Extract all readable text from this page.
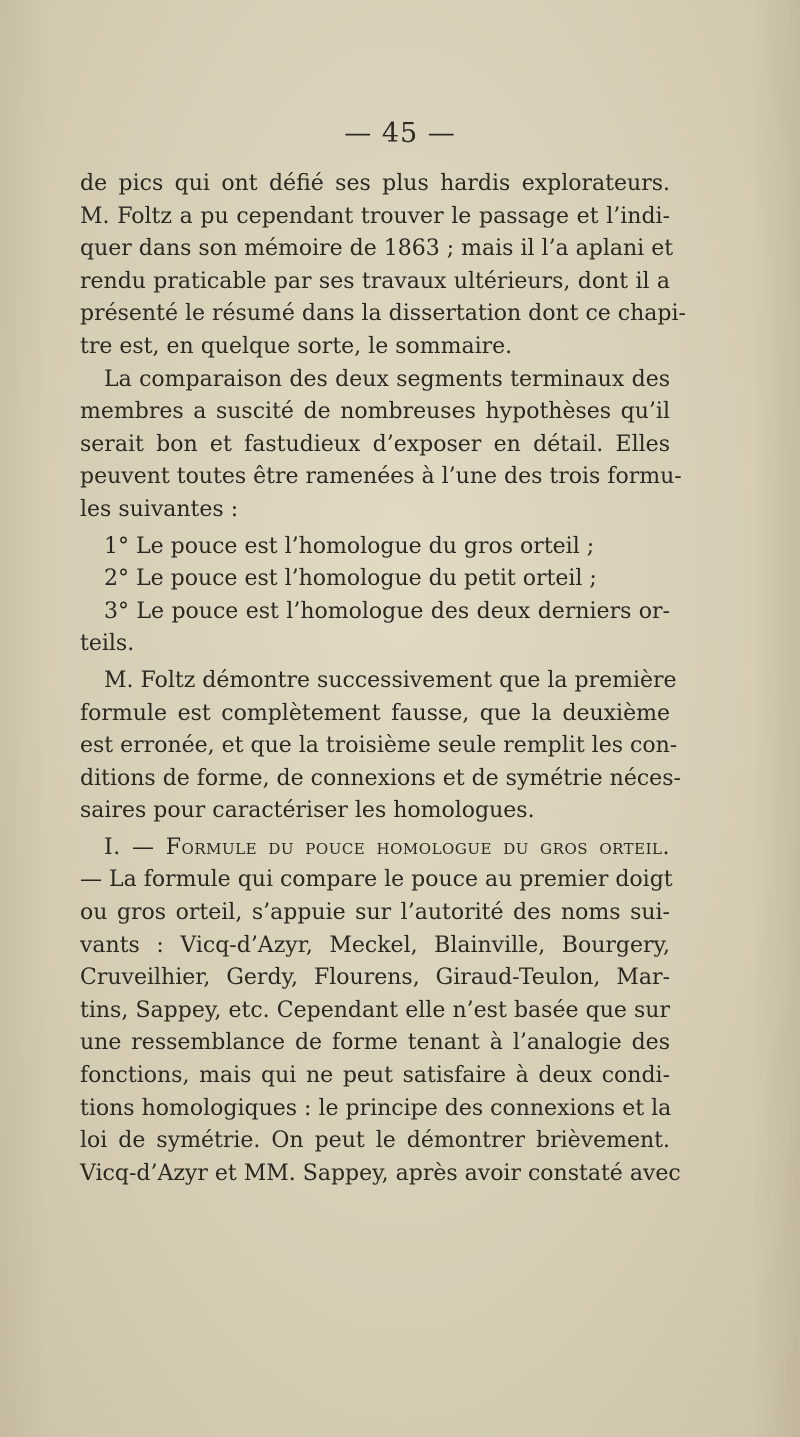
— 45 —
de pics qui ont défié ses plus hardis explorateurs.
M. Foltz a pu cependant trouver le passage et l’indi-
quer dans son mémoire de 1863 ; mais il l’a aplani et
rendu praticable par ses travaux ultérieurs, dont il a
présenté le résumé dans la dissertation dont ce chapi-
tre est, en quelque sorte, le sommaire.
La comparaison des deux segments terminaux des
membres a suscité de nombreuses hypothèses qu’il
serait bon et fastudieux d’exposer en détail. Elles
peuvent toutes être ramenées à l’une des trois formu-
les suivantes :
1° Le pouce est l’homologue du gros orteil ;
2° Le pouce est l’homologue du petit orteil ;
3° Le pouce est l’homologue des deux derniers or-
teils.
M. Foltz démontre successivement que la première
formule est complètement fausse, que la deuxième
est erronée, et que la troisième seule remplit les con-
ditions de forme, de connexions et de symétrie néces-
saires pour caractériser les homologues.
I. — Formule du pouce homologue du gros orteil.
— La formule qui compare le pouce au premier doigt
ou gros orteil, s’appuie sur l’autorité des noms sui-
vants : Vicq-d’Azyr, Meckel, Blainville, Bourgery,
Cruveilhier, Gerdy, Flourens, Giraud-Teulon, Mar-
tins, Sappey, etc. Cependant elle n’est basée que sur
une ressemblance de forme tenant à l’analogie des
fonctions, mais qui ne peut satisfaire à deux condi-
tions homologiques : le principe des connexions et la
loi de symétrie. On peut le démontrer brièvement.
Vicq-d’Azyr et MM. Sappey, après avoir constaté avec
